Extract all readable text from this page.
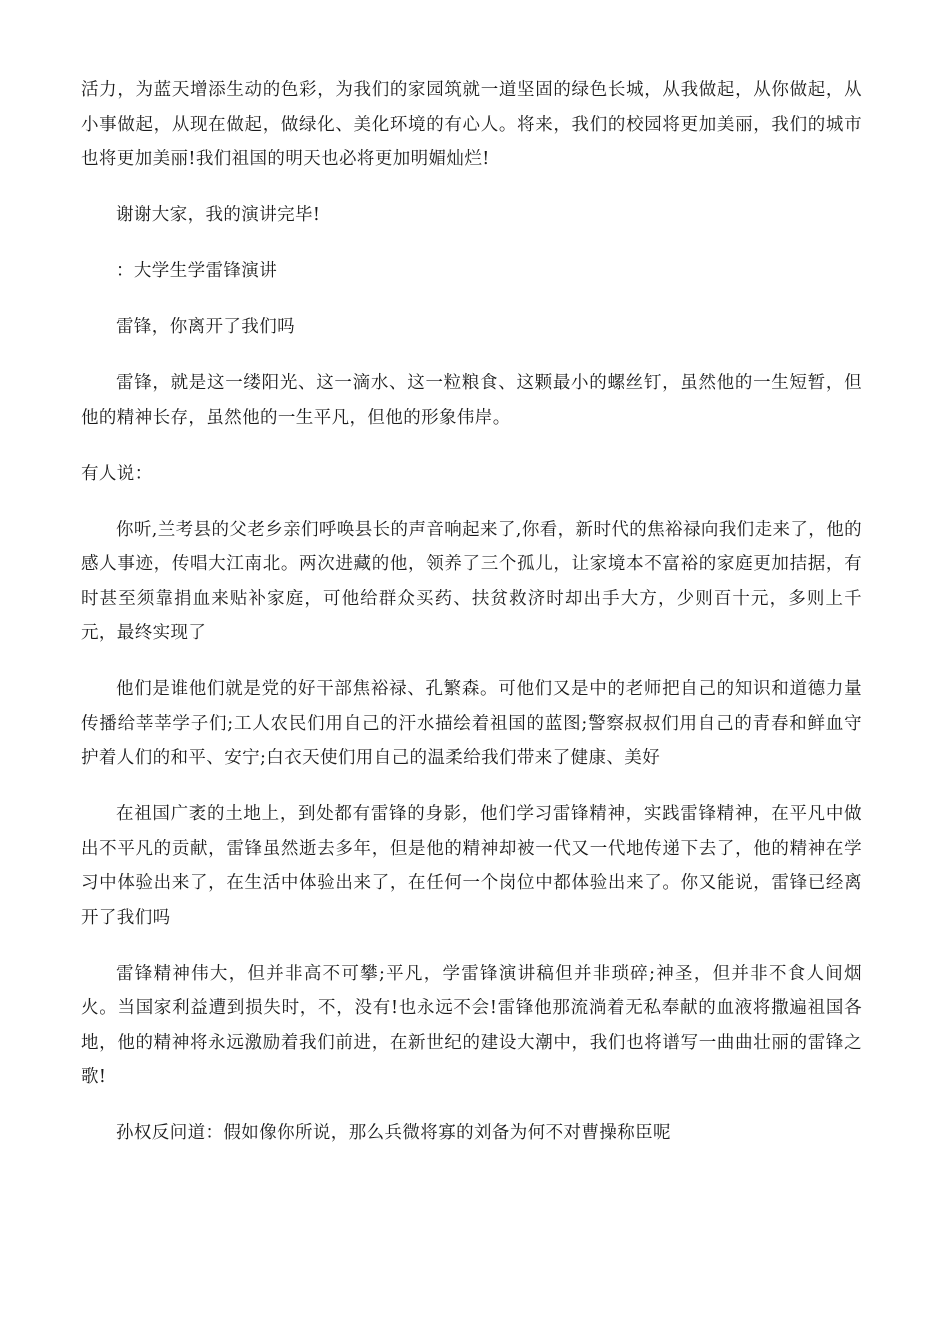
活力，为蓝天增添生动的色彩，为我们的家园筑就一道坚固的绿色长城，从我做起，从你做起，从小事做起，从现在做起，做绿化、美化环境的有心人。将来，我们的校园将更加美丽，我们的城市也将更加美丽!我们祖国的明天也必将更加明媚灿烂!

谢谢大家，我的演讲完毕!

：大学生学雷锋演讲

雷锋，你离开了我们吗

雷锋，就是这一缕阳光、这一滴水、这一粒粮食、这颗最小的螺丝钉，虽然他的一生短暂，但他的精神长存，虽然他的一生平凡，但他的形象伟岸。

有人说：

你听,兰考县的父老乡亲们呼唤县长的声音响起来了,你看，新时代的焦裕禄向我们走来了，他的感人事迹，传唱大江南北。两次进藏的他，领养了三个孤儿，让家境本不富裕的家庭更加拮据，有时甚至须靠捐血来贴补家庭，可他给群众买药、扶贫救济时却出手大方，少则百十元，多则上千元，最终实现了

他们是谁他们就是党的好干部焦裕禄、孔繁森。可他们又是中的老师把自己的知识和道德力量传播给莘莘学子们;工人农民们用自己的汗水描绘着祖国的蓝图;警察叔叔们用自己的青春和鲜血守护着人们的和平、安宁;白衣天使们用自己的温柔给我们带来了健康、美好

在祖国广袤的土地上，到处都有雷锋的身影，他们学习雷锋精神，实践雷锋精神，在平凡中做出不平凡的贡献，雷锋虽然逝去多年，但是他的精神却被一代又一代地传递下去了，他的精神在学习中体验出来了，在生活中体验出来了，在任何一个岗位中都体验出来了。你又能说，雷锋已经离开了我们吗

雷锋精神伟大，但并非高不可攀;平凡，学雷锋演讲稿但并非琐碎;神圣，但并非不食人间烟火。当国家利益遭到损失时，不，没有!也永远不会!雷锋他那流淌着无私奉献的血液将撒遍祖国各地，他的精神将永远激励着我们前进，在新世纪的建设大潮中，我们也将谱写一曲曲壮丽的雷锋之歌!

孙权反问道：假如像你所说，那么兵微将寡的刘备为何不对曹操称臣呢
